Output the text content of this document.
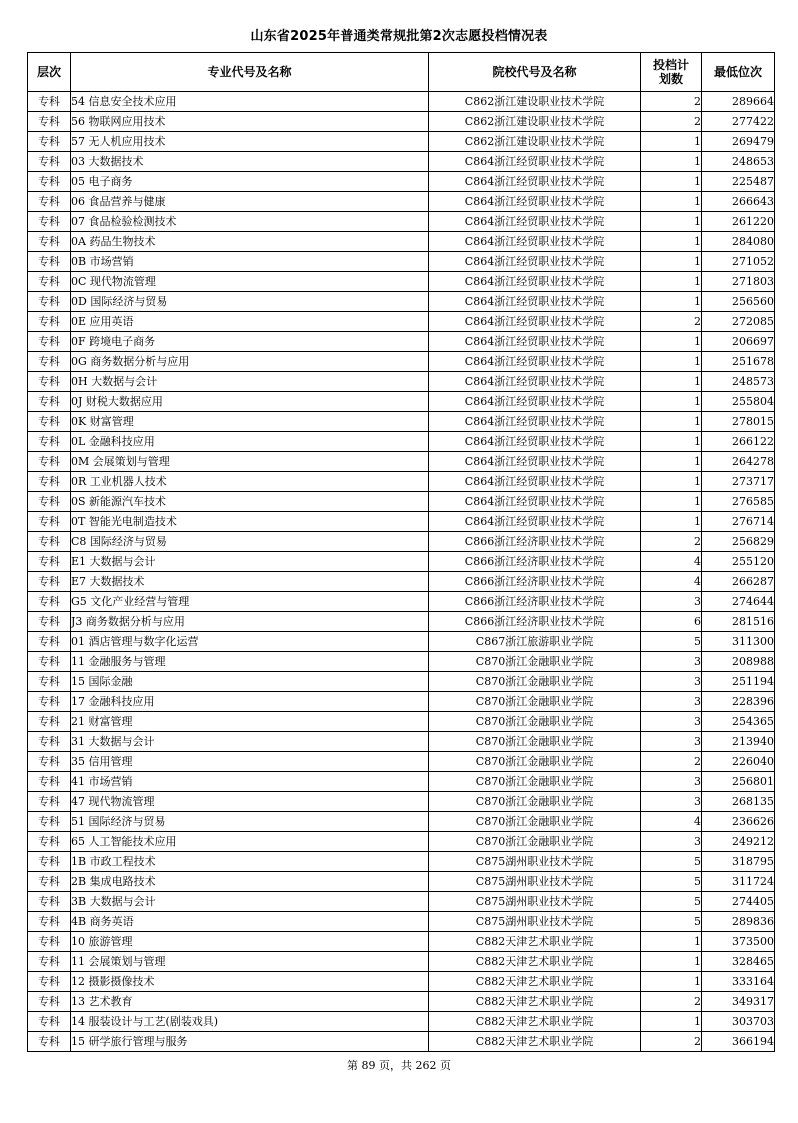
山东省2025年普通类常规批第2次志愿投档情况表
层次	专业代号及名称	院校代号及名称	投档计划数	最低位次
专科	54 信息安全技术应用	C862浙江建设职业技术学院	2	289664
专科	56 物联网应用技术	C862浙江建设职业技术学院	2	277422
专科	57 无人机应用技术	C862浙江建设职业技术学院	1	269479
专科	03 大数据技术	C864浙江经贸职业技术学院	1	248653
专科	05 电子商务	C864浙江经贸职业技术学院	1	225487
专科	06 食品营养与健康	C864浙江经贸职业技术学院	1	266643
专科	07 食品检验检测技术	C864浙江经贸职业技术学院	1	261220
专科	0A 药品生物技术	C864浙江经贸职业技术学院	1	284080
专科	0B 市场营销	C864浙江经贸职业技术学院	1	271052
专科	0C 现代物流管理	C864浙江经贸职业技术学院	1	271803
专科	0D 国际经济与贸易	C864浙江经贸职业技术学院	1	256560
专科	0E 应用英语	C864浙江经贸职业技术学院	2	272085
专科	0F 跨境电子商务	C864浙江经贸职业技术学院	1	206697
专科	0G 商务数据分析与应用	C864浙江经贸职业技术学院	1	251678
专科	0H 大数据与会计	C864浙江经贸职业技术学院	1	248573
专科	0J 财税大数据应用	C864浙江经贸职业技术学院	1	255804
专科	0K 财富管理	C864浙江经贸职业技术学院	1	278015
专科	0L 金融科技应用	C864浙江经贸职业技术学院	1	266122
专科	0M 会展策划与管理	C864浙江经贸职业技术学院	1	264278
专科	0R 工业机器人技术	C864浙江经贸职业技术学院	1	273717
专科	0S 新能源汽车技术	C864浙江经贸职业技术学院	1	276585
专科	0T 智能光电制造技术	C864浙江经贸职业技术学院	1	276714
专科	C8 国际经济与贸易	C866浙江经济职业技术学院	2	256829
专科	E1 大数据与会计	C866浙江经济职业技术学院	4	255120
专科	E7 大数据技术	C866浙江经济职业技术学院	4	266287
专科	G5 文化产业经营与管理	C866浙江经济职业技术学院	3	274644
专科	J3 商务数据分析与应用	C866浙江经济职业技术学院	6	281516
专科	01 酒店管理与数字化运营	C867浙江旅游职业学院	5	311300
专科	11 金融服务与管理	C870浙江金融职业学院	3	208988
专科	15 国际金融	C870浙江金融职业学院	3	251194
专科	17 金融科技应用	C870浙江金融职业学院	3	228396
专科	21 财富管理	C870浙江金融职业学院	3	254365
专科	31 大数据与会计	C870浙江金融职业学院	3	213940
专科	35 信用管理	C870浙江金融职业学院	2	226040
专科	41 市场营销	C870浙江金融职业学院	3	256801
专科	47 现代物流管理	C870浙江金融职业学院	3	268135
专科	51 国际经济与贸易	C870浙江金融职业学院	4	236626
专科	65 人工智能技术应用	C870浙江金融职业学院	3	249212
专科	1B 市政工程技术	C875湖州职业技术学院	5	318795
专科	2B 集成电路技术	C875湖州职业技术学院	5	311724
专科	3B 大数据与会计	C875湖州职业技术学院	5	274405
专科	4B 商务英语	C875湖州职业技术学院	5	289836
专科	10 旅游管理	C882天津艺术职业学院	1	373500
专科	11 会展策划与管理	C882天津艺术职业学院	1	328465
专科	12 摄影摄像技术	C882天津艺术职业学院	1	333164
专科	13 艺术教育	C882天津艺术职业学院	2	349317
专科	14 服装设计与工艺(剧装戏具)	C882天津艺术职业学院	1	303703
专科	15 研学旅行管理与服务	C882天津艺术职业学院	2	366194
第 89 页，共 262 页
